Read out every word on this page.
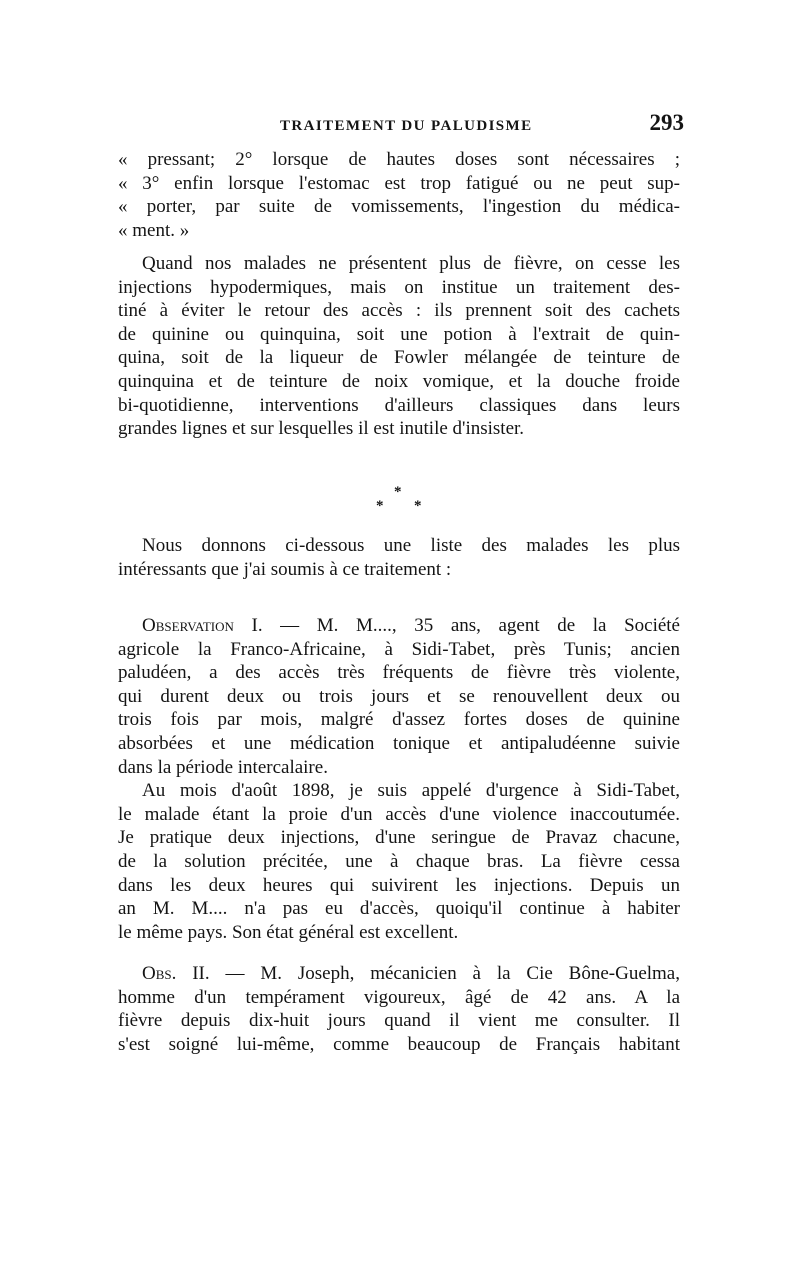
TRAITEMENT DU PALUDISME	293
« pressant; 2° lorsque de hautes doses sont nécessaires ;
« 3° enfin lorsque l'estomac est trop fatigué ou ne peut sup-
« porter, par suite de vomissements, l'ingestion du médica-
« ment. »
Quand nos malades ne présentent plus de fièvre, on cesse les
injections hypodermiques, mais on institue un traitement des-
tiné à éviter le retour des accès : ils prennent soit des cachets
de quinine ou quinquina, soit une potion à l'extrait de quin-
quina, soit de la liqueur de Fowler mélangée de teinture de
quinquina et de teinture de noix vomique, et la douche froide
bi-quotidienne, interventions d'ailleurs classiques dans leurs
grandes lignes et sur lesquelles il est inutile d'insister.
*
* *
Nous donnons ci-dessous une liste des malades les plus
intéressants que j'ai soumis à ce traitement :
Observation I. — M. M...., 35 ans, agent de la Société
agricole la Franco-Africaine, à Sidi-Tabet, près Tunis; ancien
paludéen, a des accès très fréquents de fièvre très violente,
qui durent deux ou trois jours et se renouvellent deux ou
trois fois par mois, malgré d'assez fortes doses de quinine
absorbées et une médication tonique et antipaludéenne suivie
dans la période intercalaire.
Au mois d'août 1898, je suis appelé d'urgence à Sidi-Tabet,
le malade étant la proie d'un accès d'une violence inaccoutumée.
Je pratique deux injections, d'une seringue de Pravaz chacune,
de la solution précitée, une à chaque bras. La fièvre cessa
dans les deux heures qui suivirent les injections. Depuis un
an M. M.... n'a pas eu d'accès, quoiqu'il continue à habiter
le même pays. Son état général est excellent.
Obs. II. — M. Joseph, mécanicien à la Cie Bône-Guelma,
homme d'un tempérament vigoureux, âgé de 42 ans. A la
fièvre depuis dix-huit jours quand il vient me consulter. Il
s'est soigné lui-même, comme beaucoup de Français habitant
